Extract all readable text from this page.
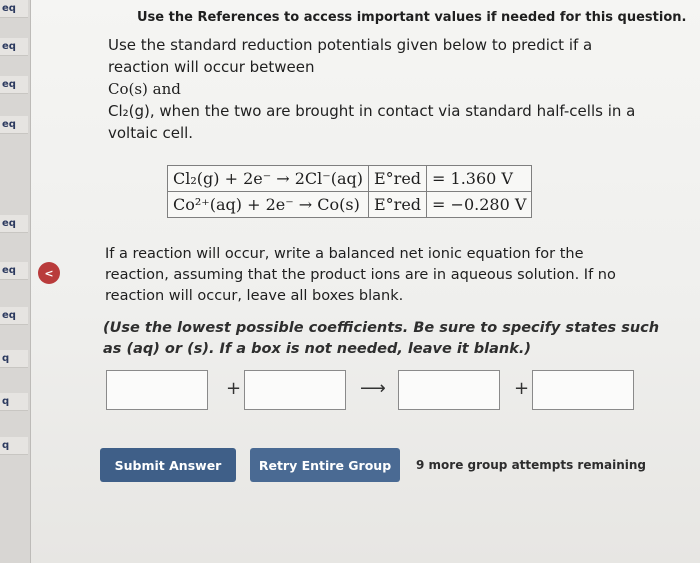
eq
eq
eq
eq
eq
eq
eq
q
q
q
<
Use the References to access important values if needed for this question.
Use the standard reduction potentials given below to predict if a
reaction will occur between
Co(s) and
Cl₂(g), when the two are brought in contact via standard half-cells in a
voltaic cell.
Cl₂(g) + 2e⁻ → 2Cl⁻(aq)	E°red	= 1.360 V
Co²⁺(aq) + 2e⁻ → Co(s)	E°red	= −0.280 V
If a reaction will occur, write a balanced net ionic equation for the
reaction, assuming that the product ions are in aqueous solution. If no
reaction will occur, leave all boxes blank.
(Use the lowest possible coefficients. Be sure to specify states such
as (aq) or (s). If a box is not needed, leave it blank.)
+	⟶	+
Submit Answer	Retry Entire Group	9 more group attempts remaining
